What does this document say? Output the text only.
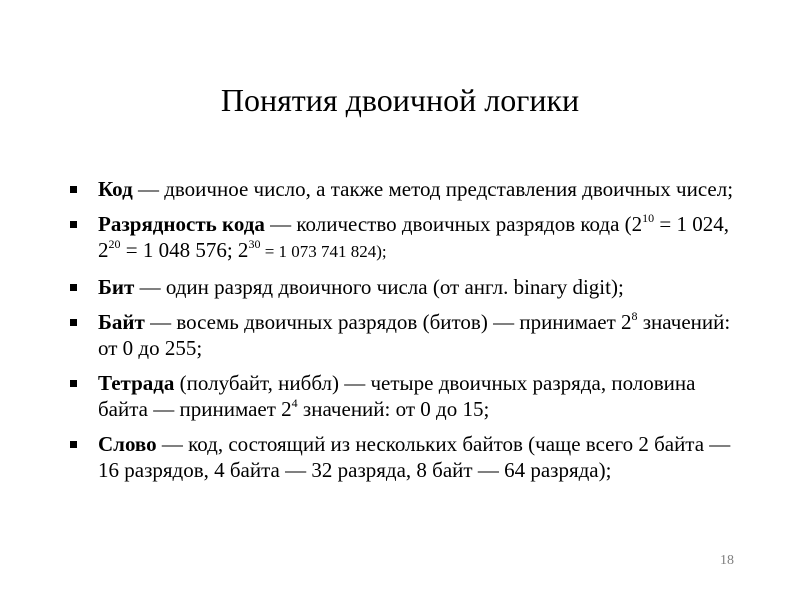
Понятия двоичной логики
Код — двоичное число, а также метод представления двоичных чисел;
Разрядность кода — количество двоичных разрядов кода ($2^{10} = 1$ 024, $2^{20} = 1$ 048 576; $2^{30} = 1$ 073 741 824);
Бит — один разряд двоичного числа (от англ. binary digit);
Байт — восемь двоичных разрядов (битов) — принимает $2^8$ значений: от 0 до 255;
Тетрада (полубайт, ниббл) — четыре двоичных разряда, половина байта — принимает $2^4$ значений: от 0 до 15;
Слово — код, состоящий из нескольких байтов (чаще всего 2 байта — 16 разрядов, 4 байта — 32 разряда, 8 байт — 64 разряда);
18
